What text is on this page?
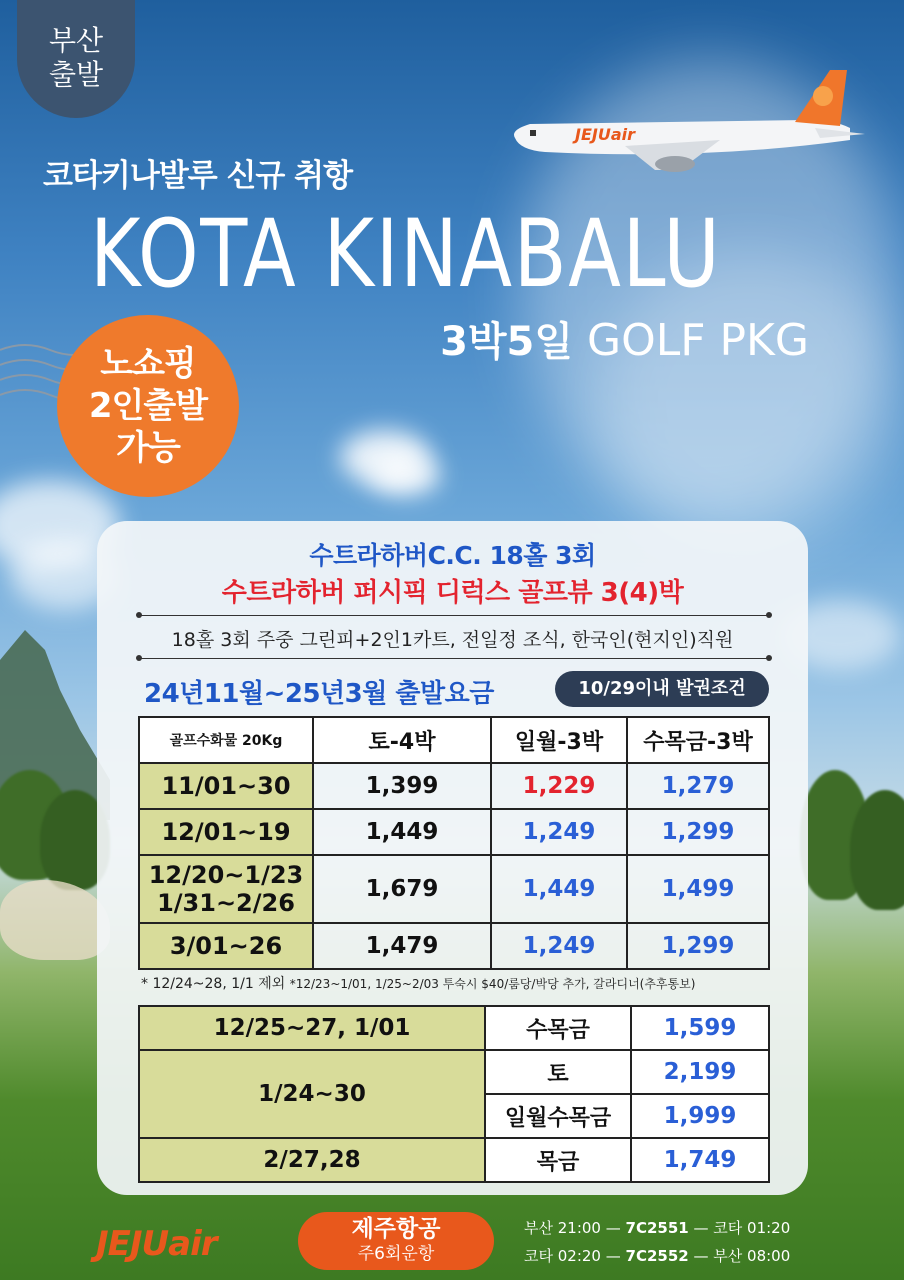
부산
출발
JEJUair
코타키나발루 신규 취항
KOTA KINABALU
3박5일 GOLF PKG
노쇼핑
2인출발
가능
수트라하버C.C. 18홀 3회
수트라하버 퍼시픽 디럭스 골프뷰 3(4)박
18홀 3회 주중 그린피+2인1카트, 전일정 조식, 한국인(현지인)직원
24년11월~25년3월 출발요금	10/29이내 발권조건
골프수화물 20Kg	토-4박	일월-3박	수목금-3박
11/01~30	1,399	1,229	1,279
12/01~19	1,449	1,249	1,299

12/20~1/23
1/31~2/26	1,679	1,449	1,499
3/01~26	1,479	1,249	1,299
* 12/24~28, 1/1 제외 *12/23~1/01, 1/25~2/03 투숙시 $40/룸당/박당 추가, 갈라디너(추후통보)
12/25~27, 1/01	수목금	1,599
1/24~30	토	2,199
	일월수목금	1,999
2/27,28	목금	1,749
JEJUair	제주항공
주6회운항
부산 21:00 — 7C2551 — 코타 01:20
코타 02:20 — 7C2552 — 부산 08:00
